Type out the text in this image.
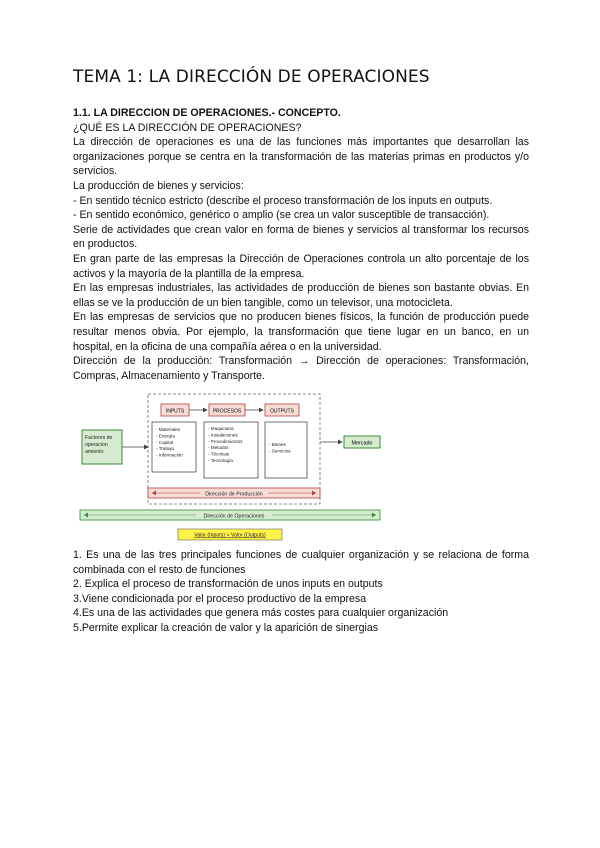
TEMA 1: LA DIRECCIÓN DE OPERACIONES

1.1. LA DIRECCION DE OPERACIONES.- CONCEPTO.

¿QUÉ ES LA DIRECCIÓN DE OPERACIONES?

La dirección de operaciones es una de las funciones más importantes que desarrollan las organizaciones porque se centra en la transformación de las materias primas en productos y/o servicios.

La producción de bienes y servicios:

- En sentido técnico estricto (describe el proceso transformación de los inputs en outputs.

- En sentido económico, genérico o amplio (se crea un valor susceptible de transacción).

Serie de actividades que crean valor en forma de bienes y servicios al transformar los recursos en productos.

En gran parte de las empresas la Dirección de Operaciones controla un alto porcentaje de los activos y la mayoría de la plantilla de la empresa.

En las empresas industriales, las actividades de producción de bienes son bastante obvias. En ellas se ve la producción de un bien tangible, como un televisor, una motocicleta.

En las empresas de servicios que no producen bienes físicos, la función de producción puede resultar menos obvia. Por ejemplo, la transformación que tiene lugar en un banco, en un hospital, en la oficina de una compañía aérea o en la universidad.

Dirección de la producción: Transformación → Dirección de operaciones: Transformación, Compras, Almacenamiento y Transporte.

Factores de operacion amiento
INPUTS
- Materiales
- Energía
- Capital
- Trabajo
- Información
PROCESOS
- Maquinaria
- Instalaciones
- Procedimientos
- Métodos
- Técnicas
- Tecnología
OUTPUTS
- Bienes
- Servicios
Mercado
Dirección de Producción
Dirección de Operaciones
Valor (Inputs) < Valor (Outputs)

1. Es una de las tres principales funciones de cualquier organización y se relaciona de forma combinada con el resto de funciones

2. Explica el proceso de transformación de unos inputs en outputs

3.Viene condicionada por el proceso productivo de la empresa

4.Es una de las actividades que genera más costes para cualquier organización

5.Permite explicar la creación de valor y la aparición de sinergias
